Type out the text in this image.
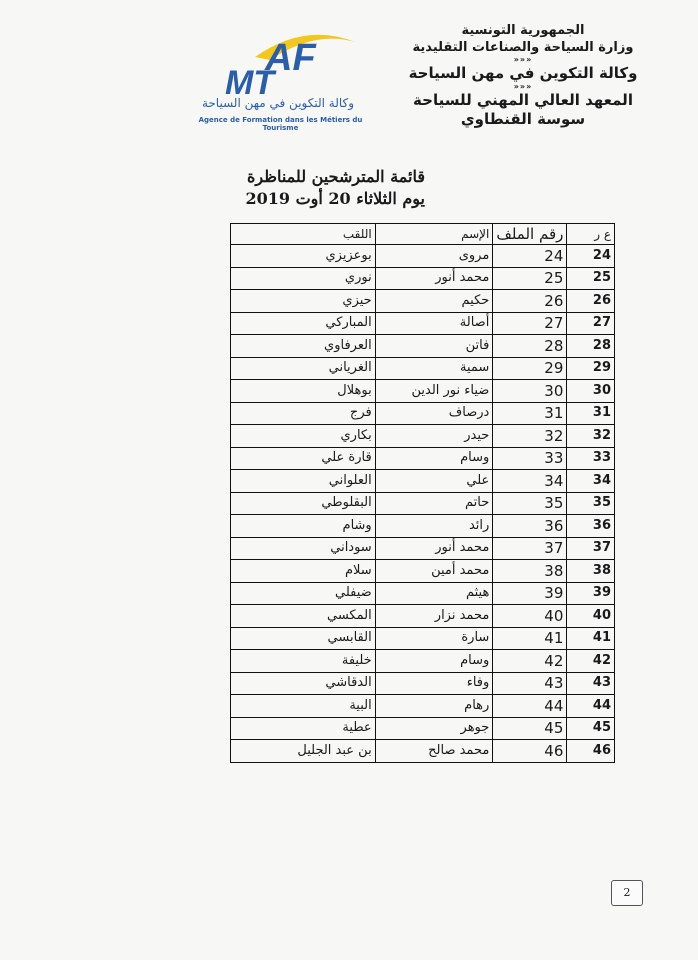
الجمهورية التونسية
وزارة السياحة والصناعات التقليدية
«««
وكالة التكوين في مهن السياحة
«««
المعهد العالي المهني للسياحة
سوسة القنطاوي
AF
MT
وكالة التكوين في مهن السياحة
Agence de Formation dans les Métiers du Tourisme
قائمة المترشحين للمناظرة
يوم الثلاثاء 20 أوت 2019
ع ر	رقم الملف	الإسم	اللقب
24	24	مروى	بوعزيزي
25	25	محمد أنور	نوري
26	26	حكيم	حيزي
27	27	أصالة	المباركي
28	28	فاتن	العرفاوي
29	29	سمية	الغرياني
30	30	ضياء نور الدين	بوهلال
31	31	درصاف	فرج
32	32	حيدر	بكاري
33	33	وسام	قارة علي
34	34	علي	العلواني
35	35	حاتم	البقلوطي
36	36	رائد	وشام
37	37	محمد أنور	سوداني
38	38	محمد أمين	سلام
39	39	هيثم	ضيفلي
40	40	محمد نزار	المكسي
41	41	سارة	القابسي
42	42	وسام	خليفة
43	43	وفاء	الدقاشي
44	44	رهام	البية
45	45	جوهر	عطية
46	46	محمد صالح	بن عبد الجليل
2
